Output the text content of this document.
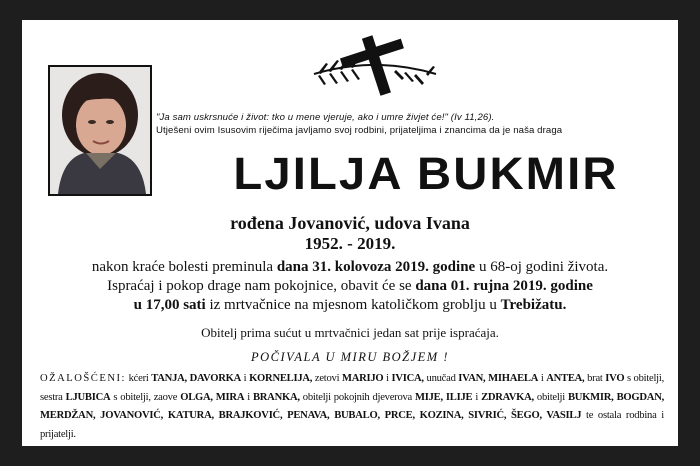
"Ja sam uskrsnuće i život: tko u mene vjeruje, ako i umre živjet će!" (Iv 11,26).
Utješeni ovim Isusovim riječima javljamo svoj rodbini, prijateljima i znancima da je naša draga
LJILJA BUKMIR
rođena Jovanović, udova Ivana
1952. - 2019.
nakon kraće bolesti preminula dana 31. kolovoza 2019. godine u 68-oj godini života.
Ispraćaj i pokop drage nam pokojnice, obavit će se dana 01. rujna 2019. godine
u 17,00 sati iz mrtvačnice na mjesnom katoličkom groblju u Trebižatu.
Obitelj prima sućut u mrtvačnici jedan sat prije ispraćaja.
POČIVALA U MIRU BOŽJEM !
OŽALOŠĆENI: kćeri TANJA, DAVORKA i KORNELIJA, zetovi MARIJO i IVICA, unučad IVAN, MIHAELA i ANTEA, brat IVO s obitelji, sestra LJUBICA s obitelji, zaove OLGA, MIRA i BRANKA, obitelji pokojnih djeverova MIJE, ILIJE i ZDRAVKA, obitelji BUKMIR, BOGDAN, MERDŽAN, JOVANOVIĆ, KATURA, BRAJKOVIĆ, PENAVA, BUBALO, PRCE, KOZINA, SIVRIĆ, ŠEGO, VASILJ te ostala rodbina i prijatelji.
